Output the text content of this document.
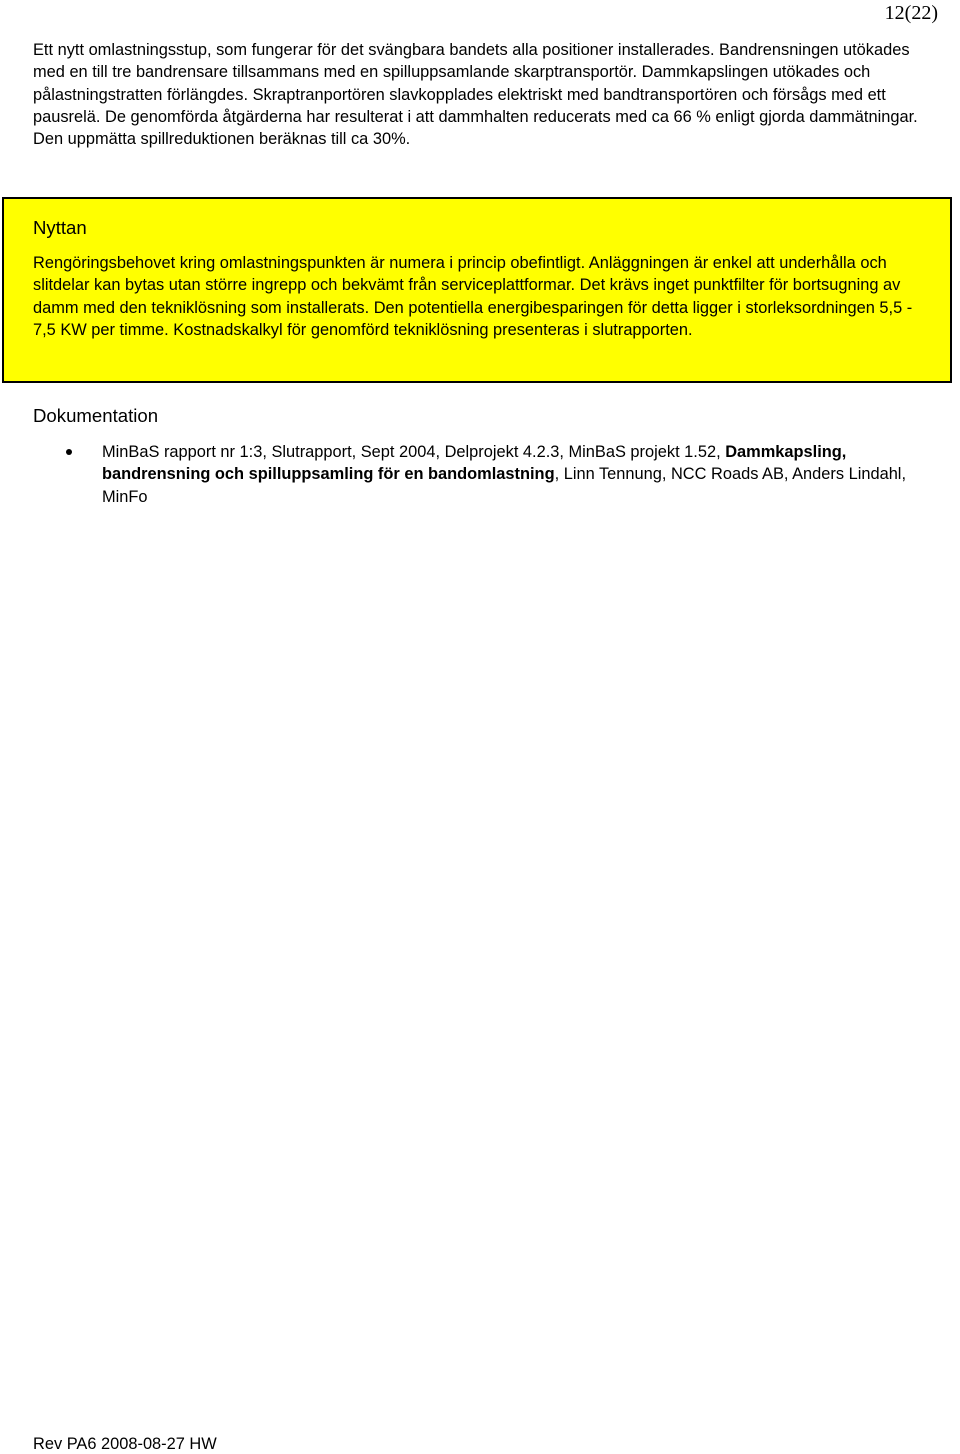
12(22)

Ett nytt omlastningsstup, som fungerar för det svängbara bandets alla positioner installerades. Bandrensningen utökades med en till tre bandrensare tillsammans med en spilluppsamlande skarptransportör. Dammkapslingen utökades och pålastningstratten förlängdes. Skraptranportören slavkopplades elektriskt med bandtransportören och försågs med ett pausrelä. De genomförda åtgärderna har resulterat i att dammhalten reducerats med ca 66 % enligt gjorda dammätningar. Den uppmätta spillreduktionen beräknas till ca 30%.

Nyttan

Rengöringsbehovet kring omlastningspunkten är numera i princip obefintligt. Anläggningen är enkel att underhålla och slitdelar kan bytas utan större ingrepp och bekvämt från serviceplattformar. Det krävs inget punktfilter för bortsugning av damm med den tekniklösning som installerats. Den potentiella energibesparingen för detta ligger i storleksordningen 5,5 - 7,5 KW per timme. Kostnadskalkyl för genomförd tekniklösning presenteras i slutrapporten.

Dokumentation
MinBaS rapport nr 1:3, Slutrapport, Sept 2004, Delprojekt 4.2.3, MinBaS projekt 1.52, Dammkapsling, bandrensning och spilluppsamling för en bandomlastning, Linn Tennung, NCC Roads AB, Anders Lindahl, MinFo
Rev PA6 2008-08-27 HW
